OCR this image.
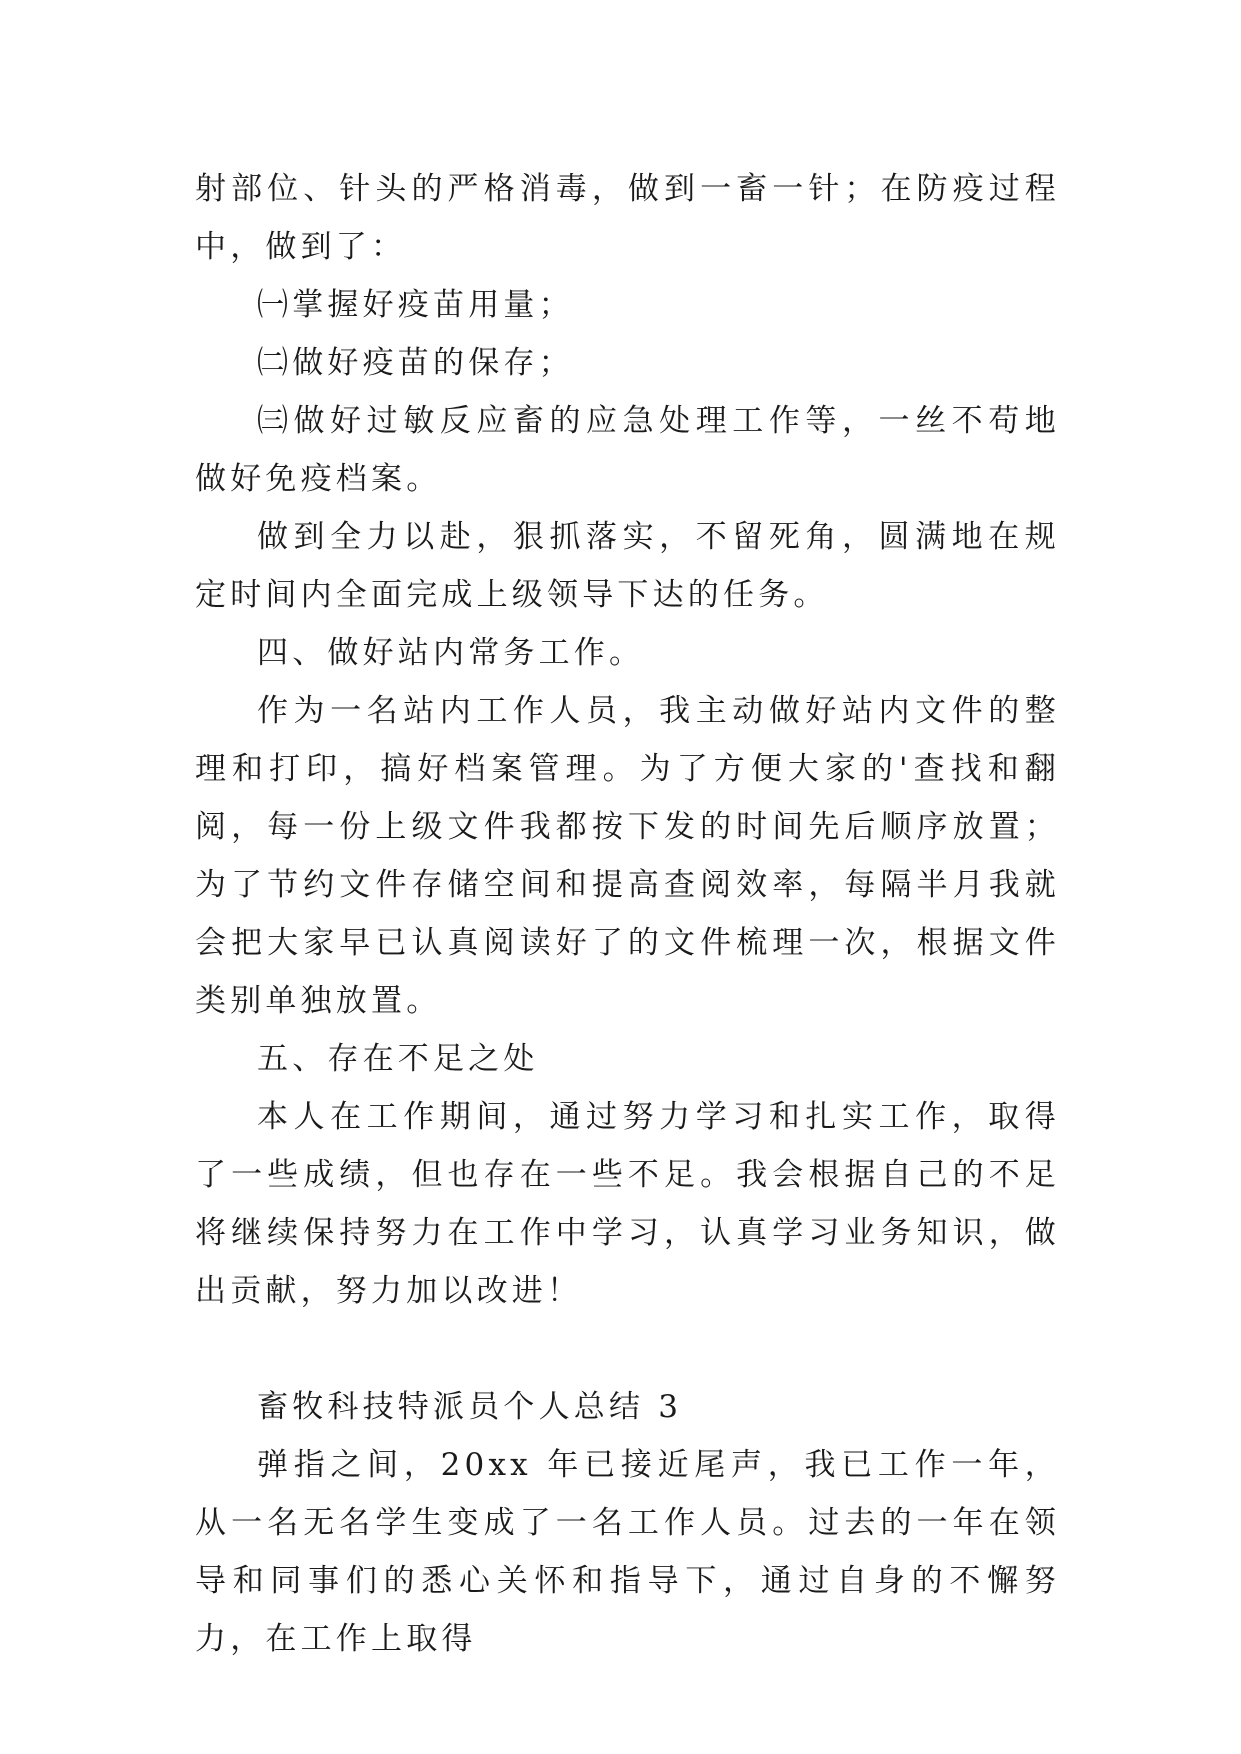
射部位、针头的严格消毒，做到一畜一针；在防疫过程中，做到了：

㈠掌握好疫苗用量；

㈡做好疫苗的保存；

㈢做好过敏反应畜的应急处理工作等，一丝不苟地做好免疫档案。

做到全力以赴，狠抓落实，不留死角，圆满地在规定时间内全面完成上级领导下达的任务。

四、做好站内常务工作。

作为一名站内工作人员，我主动做好站内文件的整理和打印，搞好档案管理。为了方便大家的'查找和翻阅，每一份上级文件我都按下发的时间先后顺序放置；为了节约文件存储空间和提高查阅效率，每隔半月我就会把大家早已认真阅读好了的文件梳理一次，根据文件类别单独放置。

五、存在不足之处

本人在工作期间，通过努力学习和扎实工作，取得了一些成绩，但也存在一些不足。我会根据自己的不足将继续保持努力在工作中学习，认真学习业务知识，做出贡献，努力加以改进！

畜牧科技特派员个人总结 3

弹指之间，20xx 年已接近尾声，我已工作一年，从一名无名学生变成了一名工作人员。过去的一年在领导和同事们的悉心关怀和指导下，通过自身的不懈努力，在工作上取得
